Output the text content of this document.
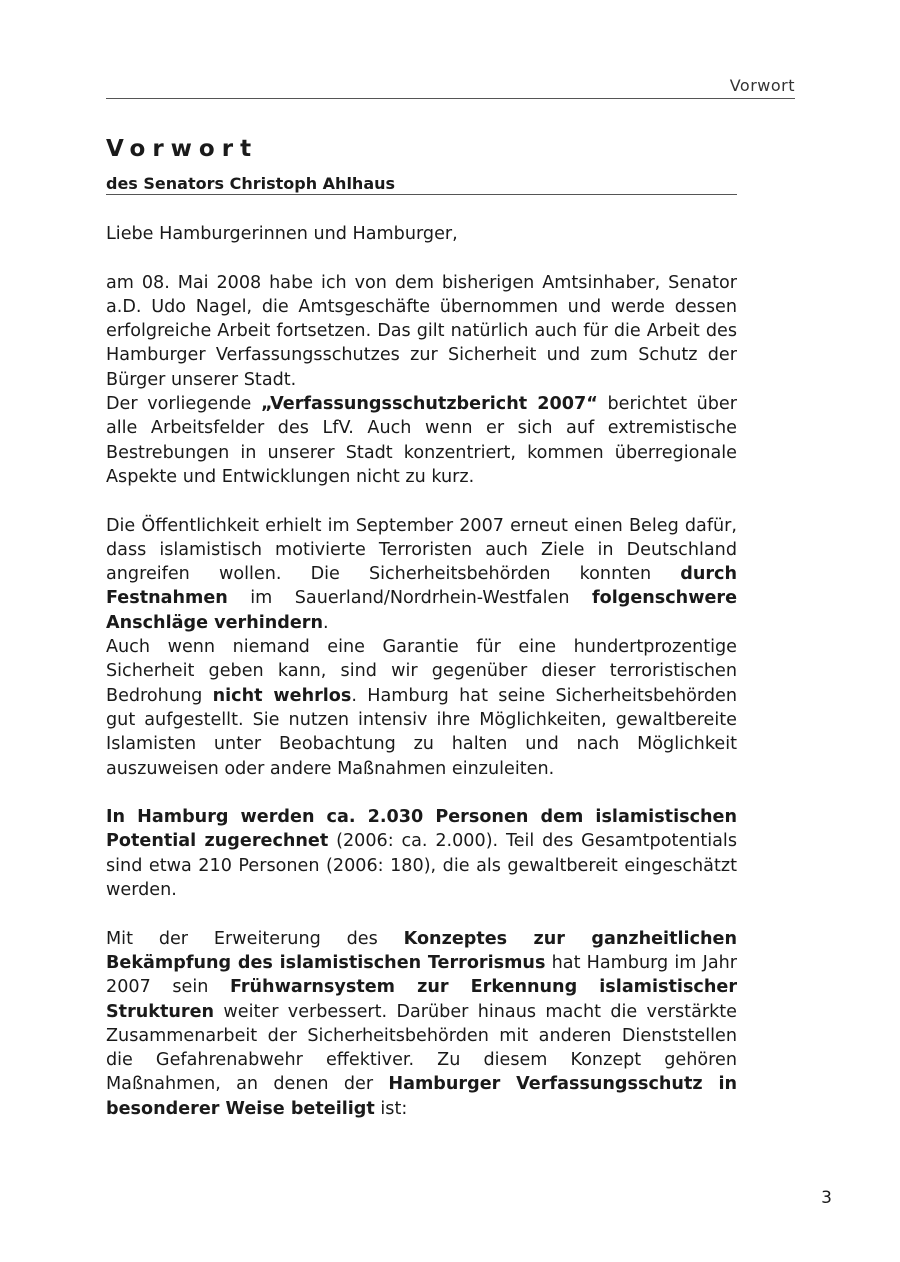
Vorwort
Vorwort
des Senators Christoph Ahlhaus

Liebe Hamburgerinnen und Hamburger,

am 08. Mai 2008 habe ich von dem bisherigen Amtsinhaber, Senator a.D. Udo Nagel, die Amtsgeschäfte übernommen und werde dessen erfolgreiche Arbeit fortsetzen. Das gilt natürlich auch für die Arbeit des Hamburger Verfassungsschutzes zur Sicherheit und zum Schutz der Bürger unserer Stadt.

Der vorliegende „Verfassungsschutzbericht 2007“ berichtet über alle Arbeitsfelder des LfV. Auch wenn er sich auf extremistische Bestrebungen in unserer Stadt konzentriert, kommen überregionale Aspekte und Entwicklungen nicht zu kurz.

Die Öffentlichkeit erhielt im September 2007 erneut einen Beleg dafür, dass islamistisch motivierte Terroristen auch Ziele in Deutschland angreifen wollen. Die Sicherheitsbehörden konnten durch Festnahmen im Sauerland/Nordrhein-Westfalen folgenschwere Anschläge verhindern.

Auch wenn niemand eine Garantie für eine hundertprozentige Sicherheit geben kann, sind wir gegenüber dieser terroristischen Bedrohung nicht wehrlos. Hamburg hat seine Sicherheitsbehörden gut aufgestellt. Sie nutzen intensiv ihre Möglichkeiten, gewaltbereite Islamisten unter Beobachtung zu halten und nach Möglichkeit auszuweisen oder andere Maßnahmen einzuleiten.

In Hamburg werden ca. 2.030 Personen dem islamistischen Potential zugerechnet (2006: ca. 2.000). Teil des Gesamtpotentials sind etwa 210 Personen (2006: 180), die als gewaltbereit eingeschätzt werden.

Mit der Erweiterung des Konzeptes zur ganzheitlichen Bekämpfung des islamistischen Terrorismus hat Hamburg im Jahr 2007 sein Frühwarnsystem zur Erkennung islamistischer Strukturen weiter verbessert. Darüber hinaus macht die verstärkte Zusammenarbeit der Sicherheitsbehörden mit anderen Dienststellen die Gefahrenabwehr effektiver. Zu diesem Konzept gehören Maßnahmen, an denen der Hamburger Verfassungsschutz in besonderer Weise beteiligt ist:

3
